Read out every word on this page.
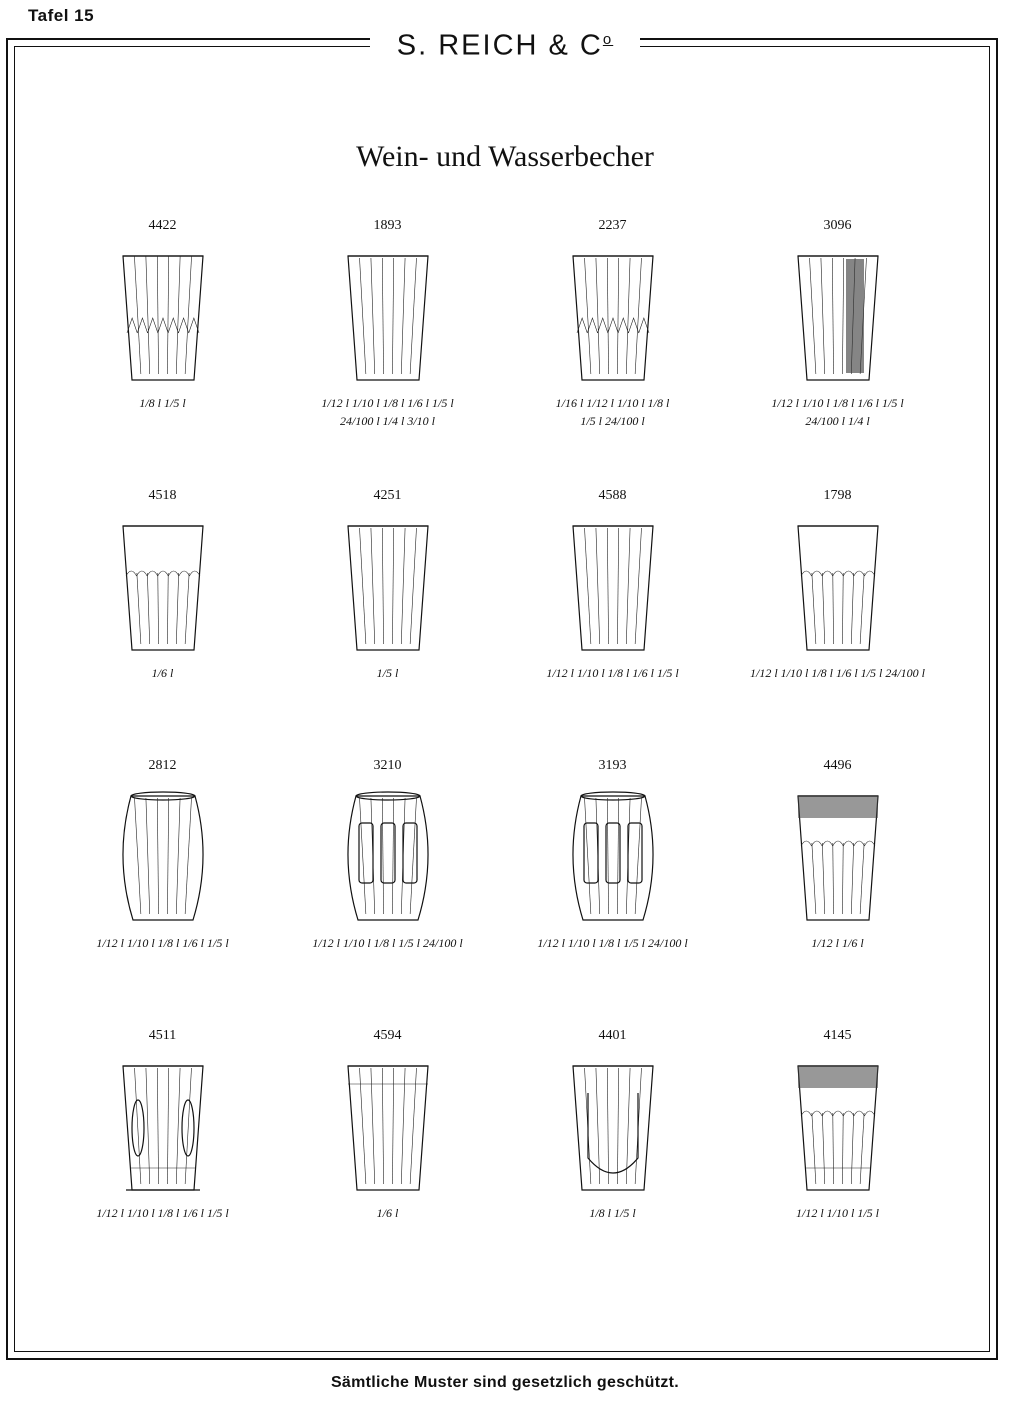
Tafel 15
S. REICH & $C^o$
Wein- und Wasserbecher
4422
1/8 l 1/5 l
1893
1/12 l 1/10 l 1/8 l 1/6 l 1/5 l
24/100 l 1/4 l 3/10 l
2237
1/16 l 1/12 l 1/10 l 1/8 l
1/5 l 24/100 l
3096
1/12 l 1/10 l 1/8 l 1/6 l 1/5 l
24/100 l 1/4 l
4518
1/6 l
4251
1/5 l
4588
1/12 l 1/10 l 1/8 l 1/6 l 1/5 l
1798
1/12 l 1/10 l 1/8 l 1/6 l 1/5 l 24/100 l
2812
1/12 l 1/10 l 1/8 l 1/6 l 1/5 l
3210
1/12 l 1/10 l 1/8 l 1/5 l 24/100 l
3193
1/12 l 1/10 l 1/8 l 1/5 l 24/100 l
4496
1/12 l 1/6 l
4511
1/12 l 1/10 l 1/8 l 1/6 l 1/5 l
4594
1/6 l
4401
1/8 l 1/5 l
4145
1/12 l 1/10 l 1/5 l
Sämtliche Muster sind gesetzlich geschützt.
